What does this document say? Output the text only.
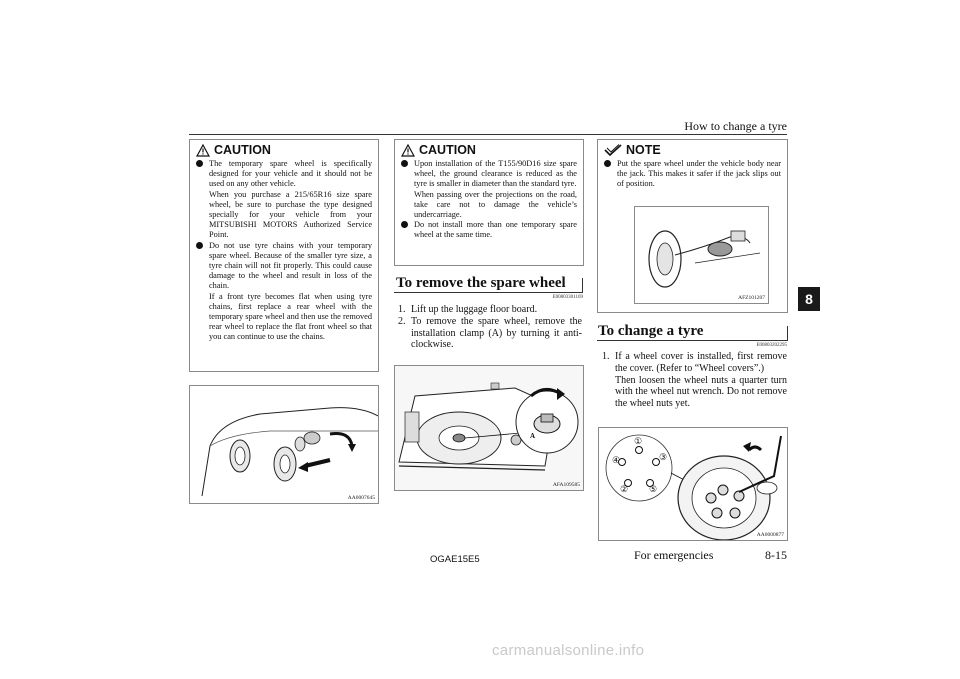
How to change a tyre
8
CAUTION

The temporary spare wheel is specifically designed for your vehicle and it should not be used on any other vehicle.

When you purchase a 215/65R16 size spare wheel, be sure to purchase the type designed specially for your vehicle from your MITSUBISHI MOTORS Authorized Service Point.

Do not use tyre chains with your temporary spare wheel. Because of the smaller tyre size, a tyre chain will not fit properly. This could cause damage to the wheel and result in loss of the chain.

If a front tyre becomes flat when using tyre chains, first replace a rear wheel with the temporary spare wheel and then use the removed rear wheel to replace the flat front wheel so that you can continue to use the chains.

AA0007645
CAUTION

Upon installation of the T155/90D16 size spare wheel, the ground clearance is reduced as the tyre is smaller in diameter than the standard tyre.

When passing over the projections on the road, take care not to damage the vehicle’s undercarriage.

Do not install more than one temporary spare wheel at the same time.

To remove the spare wheel
E00803301169
1. Lift up the luggage floor board.

2. To remove the spare wheel, remove the installation clamp (A) by turning it anti-clockwise.

A
AFA109585
NOTE

Put the spare wheel under the vehicle body near the jack. This makes it safer if the jack slips out of position.

AFZ101207
To change a tyre
E00803202295
1. If a wheel cover is installed, first remove the cover. (Refer to “Wheel covers”.)

Then loosen the wheel nuts a quarter turn with the wheel nut wrench. Do not remove the wheel nuts yet.

①
③
⑤
②
④
AA0000877
OGAE15E5	For emergencies	8-15
carmanualsonline.info
